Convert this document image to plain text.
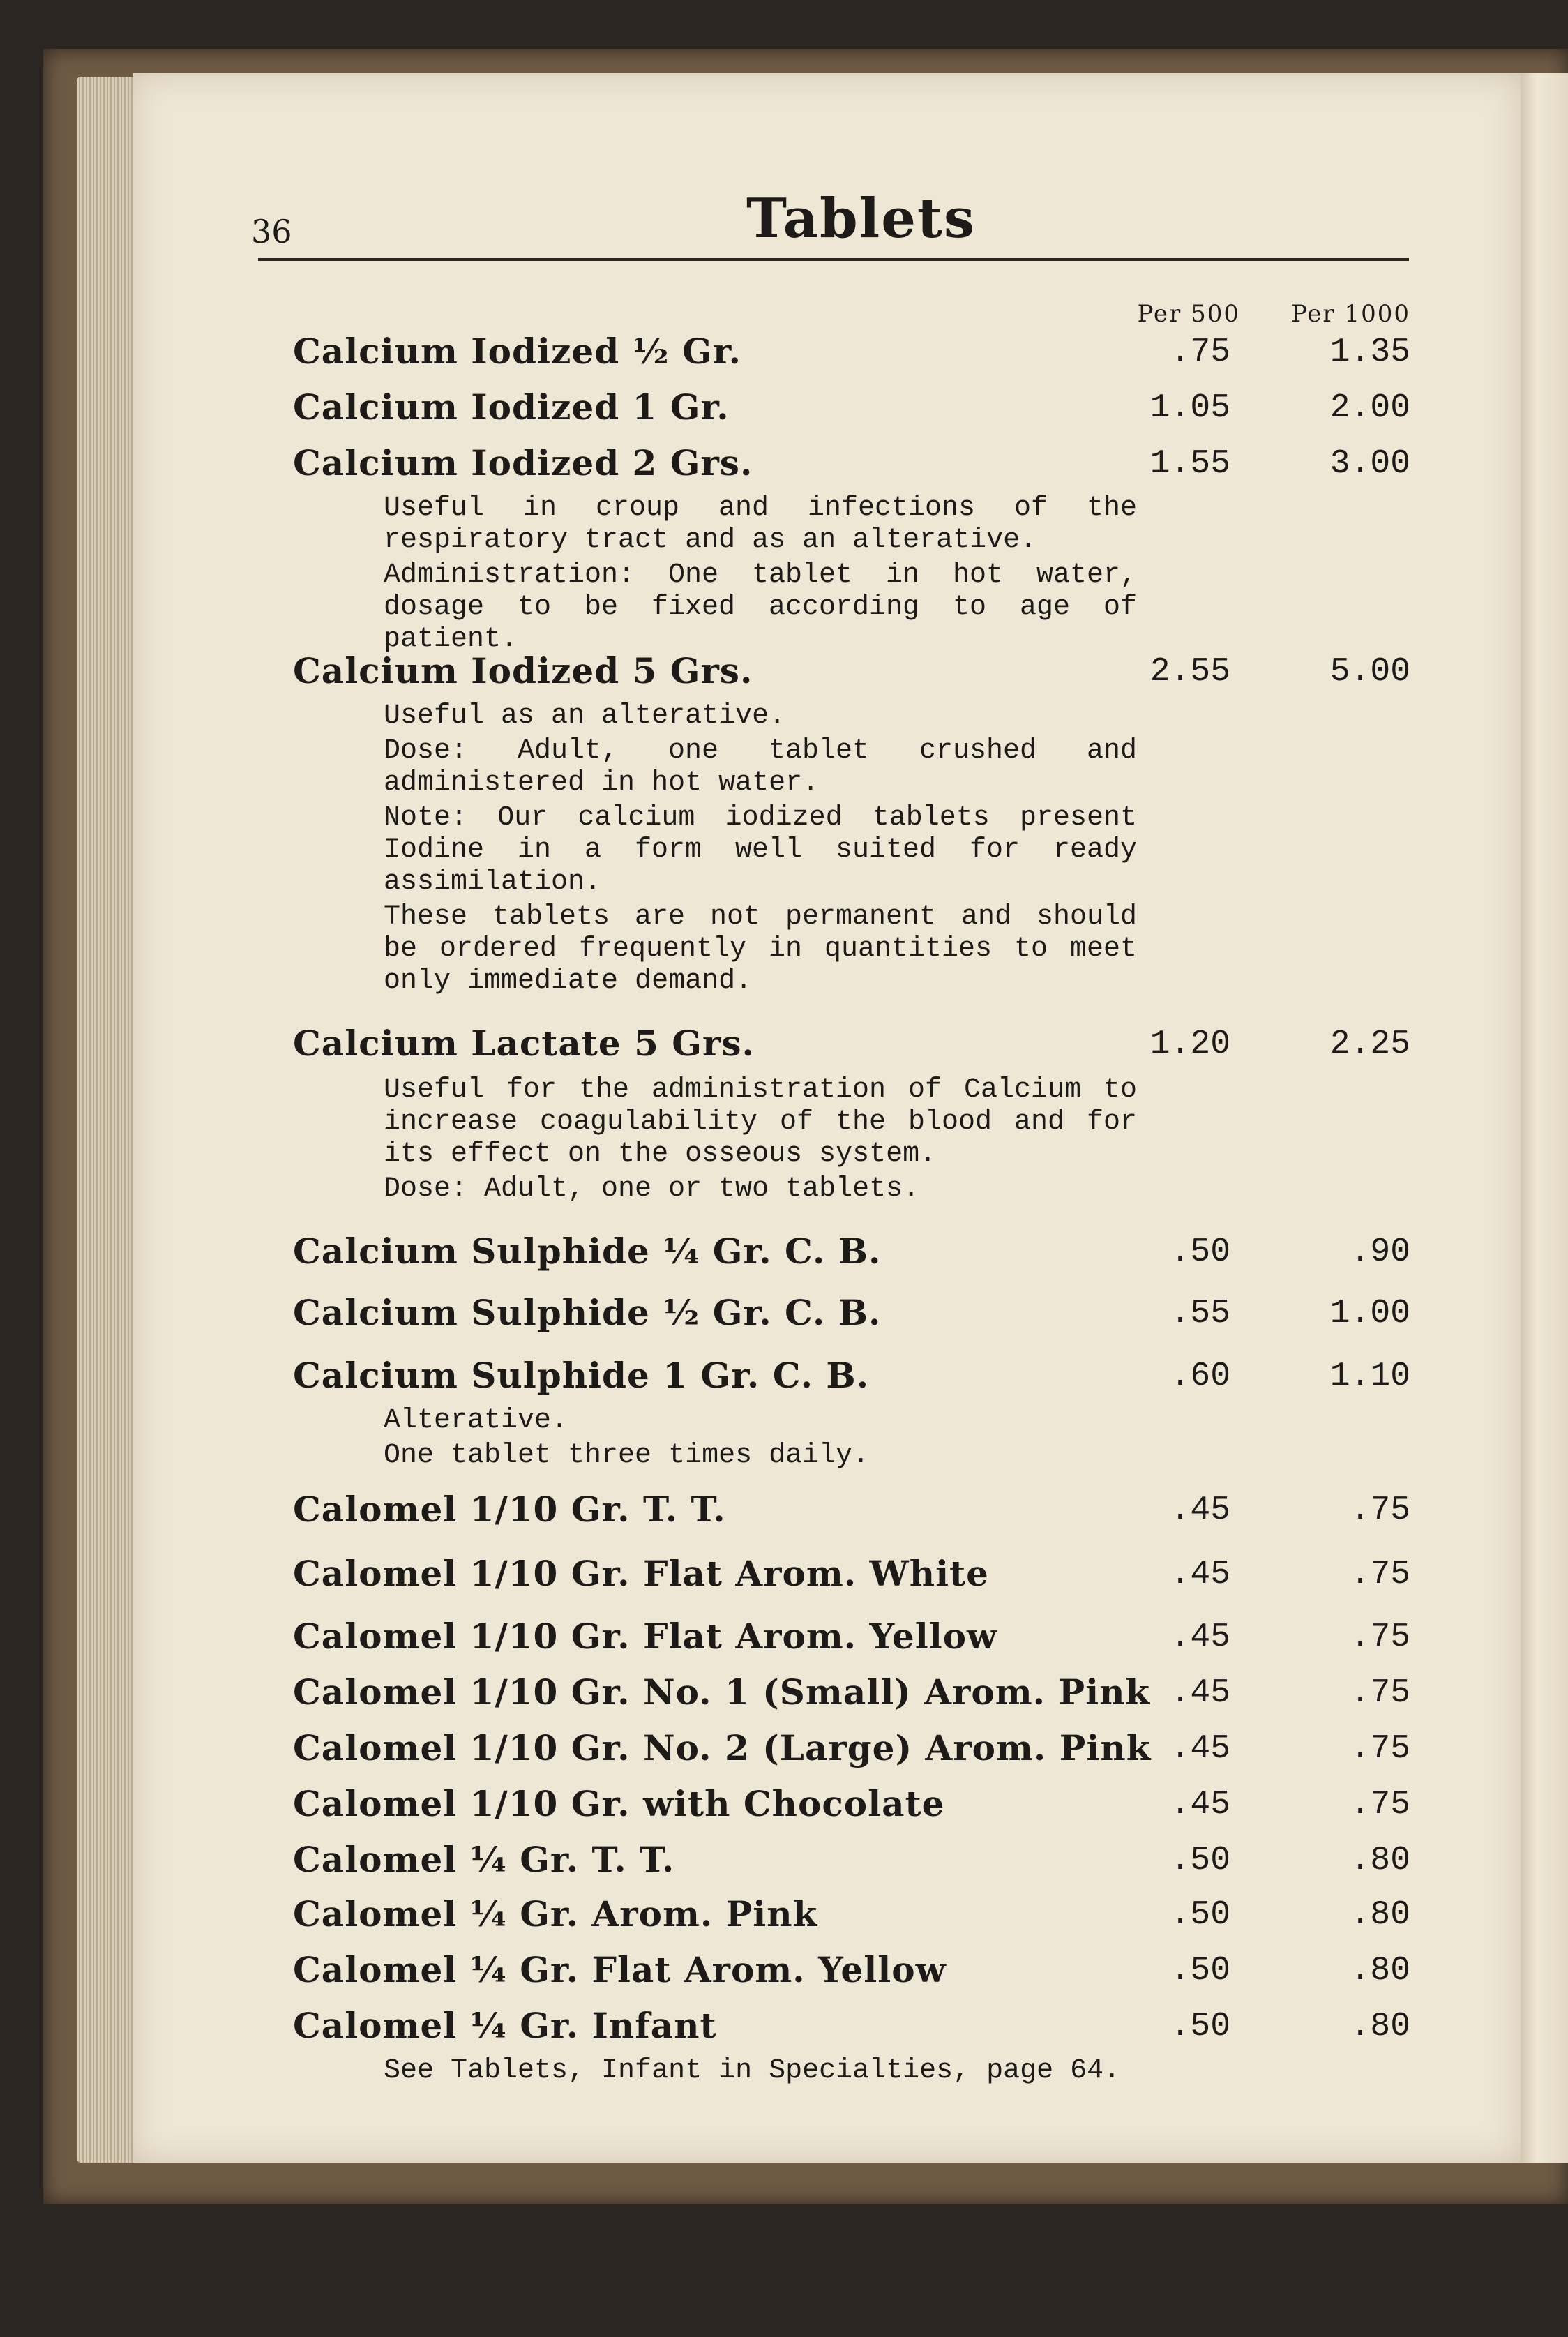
36	Tablets
Per 500 Per 1000
Calcium Iodized ½ Gr.	.75	1.35
Calcium Iodized 1 Gr.	1.05	2.00
Calcium Iodized 2 Grs.	1.55	3.00

Useful in croup and infections of the respiratory tract and as an alterative.

Administration: One tablet in hot water, dosage to be fixed according to age of patient.

Calcium Iodized 5 Grs.	2.55	5.00

Useful as an alterative.

Dose: Adult, one tablet crushed and administered in hot water.

Note: Our calcium iodized tablets present Iodine in a form well suited for ready assimilation.

These tablets are not permanent and should be ordered frequently in quantities to meet only immediate demand.

Calcium Lactate 5 Grs.	1.20	2.25

Useful for the administration of Calcium to increase coagulability of the blood and for its effect on the osseous system.

Dose: Adult, one or two tablets.

Calcium Sulphide ¼ Gr. C. B.	.50	.90
Calcium Sulphide ½ Gr. C. B.	.55	1.00
Calcium Sulphide 1 Gr. C. B.	.60	1.10

Alterative.

One tablet three times daily.

Calomel 1/10 Gr. T. T.	.45	.75
Calomel 1/10 Gr. Flat Arom. White	.45	.75
Calomel 1/10 Gr. Flat Arom. Yellow	.45	.75
Calomel 1/10 Gr. No. 1 (Small) Arom. Pink .45	.75
Calomel 1/10 Gr. No. 2 (Large) Arom. Pink .45	.75
Calomel 1/10 Gr. with Chocolate	.45	.75
Calomel ¼ Gr. T. T.	.50	.80
Calomel ¼ Gr. Arom. Pink	.50	.80
Calomel ¼ Gr. Flat Arom. Yellow	.50	.80
Calomel ¼ Gr. Infant	.50	.80

See Tablets, Infant in Specialties, page 64.
